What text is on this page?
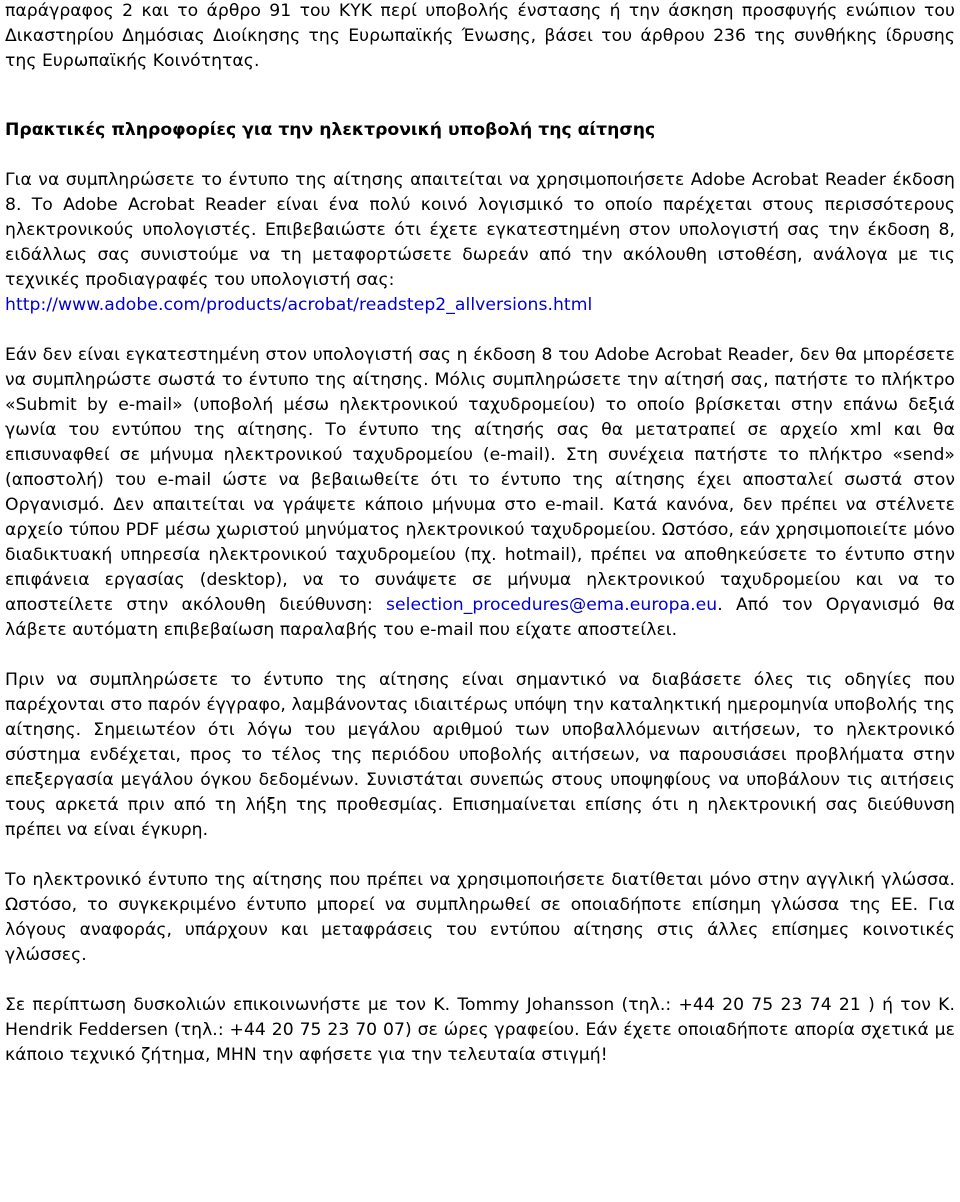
παράγραφος 2 και το άρθρο 91 του ΚΥΚ περί υποβολής ένστασης ή την άσκηση προσφυγής ενώπιον του Δικαστηρίου Δημόσιας Διοίκησης της Ευρωπαϊκής Ένωσης, βάσει του άρθρου 236 της συνθήκης ίδρυσης της Ευρωπαϊκής Κοινότητας.

Πρακτικές πληροφορίες για την ηλεκτρονική υποβολή της αίτησης

Για να συμπληρώσετε το έντυπο της αίτησης απαιτείται να χρησιμοποιήσετε Adobe Acrobat Reader έκδοση 8. Το Adobe Acrobat Reader είναι ένα πολύ κοινό λογισμικό το οποίο παρέχεται στους περισσότερους ηλεκτρονικούς υπολογιστές. Επιβεβαιώστε ότι έχετε εγκατεστημένη στον υπολογιστή σας την έκδοση 8, ειδάλλως σας συνιστούμε να τη μεταφορτώσετε δωρεάν από την ακόλουθη ιστοθέση, ανάλογα με τις τεχνικές προδιαγραφές του υπολογιστή σας:
http://www.adobe.com/products/acrobat/readstep2_allversions.html

Εάν δεν είναι εγκατεστημένη στον υπολογιστή σας η έκδοση 8 του Adobe Acrobat Reader, δεν θα μπορέσετε να συμπληρώστε σωστά το έντυπο της αίτησης. Μόλις συμπληρώσετε την αίτησή σας, πατήστε το πλήκτρο «Submit by e-mail» (υποβολή μέσω ηλεκτρονικού ταχυδρομείου) το οποίο βρίσκεται στην επάνω δεξιά γωνία του εντύπου της αίτησης. Το έντυπο της αίτησής σας θα μετατραπεί σε αρχείο xml και θα επισυναφθεί σε μήνυμα ηλεκτρονικού ταχυδρομείου (e-mail). Στη συνέχεια πατήστε το πλήκτρο «send» (αποστολή) του e-mail ώστε να βεβαιωθείτε ότι το έντυπο της αίτησης έχει αποσταλεί σωστά στον Οργανισμό. Δεν απαιτείται να γράψετε κάποιο μήνυμα στο e-mail. Κατά κανόνα, δεν πρέπει να στέλνετε αρχείο τύπου PDF μέσω χωριστού μηνύματος ηλεκτρονικού ταχυδρομείου. Ωστόσο, εάν χρησιμοποιείτε μόνο διαδικτυακή υπηρεσία ηλεκτρονικού ταχυδρομείου (πχ. hotmail), πρέπει να αποθηκεύσετε το έντυπο στην επιφάνεια εργασίας (desktop), να το συνάψετε σε μήνυμα ηλεκτρονικού ταχυδρομείου και να το αποστείλετε στην ακόλουθη διεύθυνση: selection_procedures@ema.europa.eu. Από τον Οργανισμό θα λάβετε αυτόματη επιβεβαίωση παραλαβής του e-mail που είχατε αποστείλει.

Πριν να συμπληρώσετε το έντυπο της αίτησης είναι σημαντικό να διαβάσετε όλες τις οδηγίες που παρέχονται στο παρόν έγγραφο, λαμβάνοντας ιδιαιτέρως υπόψη την καταληκτική ημερομηνία υποβολής της αίτησης. Σημειωτέον ότι λόγω του μεγάλου αριθμού των υποβαλλόμενων αιτήσεων, το ηλεκτρονικό σύστημα ενδέχεται, προς το τέλος της περιόδου υποβολής αιτήσεων, να παρουσιάσει προβλήματα στην επεξεργασία μεγάλου όγκου δεδομένων. Συνιστάται συνεπώς στους υποψηφίους να υποβάλουν τις αιτήσεις τους αρκετά πριν από τη λήξη της προθεσμίας. Επισημαίνεται επίσης ότι η ηλεκτρονική σας διεύθυνση πρέπει να είναι έγκυρη.

Το ηλεκτρονικό έντυπο της αίτησης που πρέπει να χρησιμοποιήσετε διατίθεται μόνο στην αγγλική γλώσσα. Ωστόσο, το συγκεκριμένο έντυπο μπορεί να συμπληρωθεί σε οποιαδήποτε επίσημη γλώσσα της ΕΕ. Για λόγους αναφοράς, υπάρχουν και μεταφράσεις του εντύπου αίτησης στις άλλες επίσημες κοινοτικές γλώσσες.

Σε περίπτωση δυσκολιών επικοινωνήστε με τον Κ. Tommy Johansson (τηλ.: +44 20 75 23 74 21 ) ή τον Κ. Hendrik Feddersen (τηλ.: +44 20 75 23 70 07) σε ώρες γραφείου. Εάν έχετε οποιαδήποτε απορία σχετικά με κάποιο τεχνικό ζήτημα, ΜΗΝ την αφήσετε για την τελευταία στιγμή!
